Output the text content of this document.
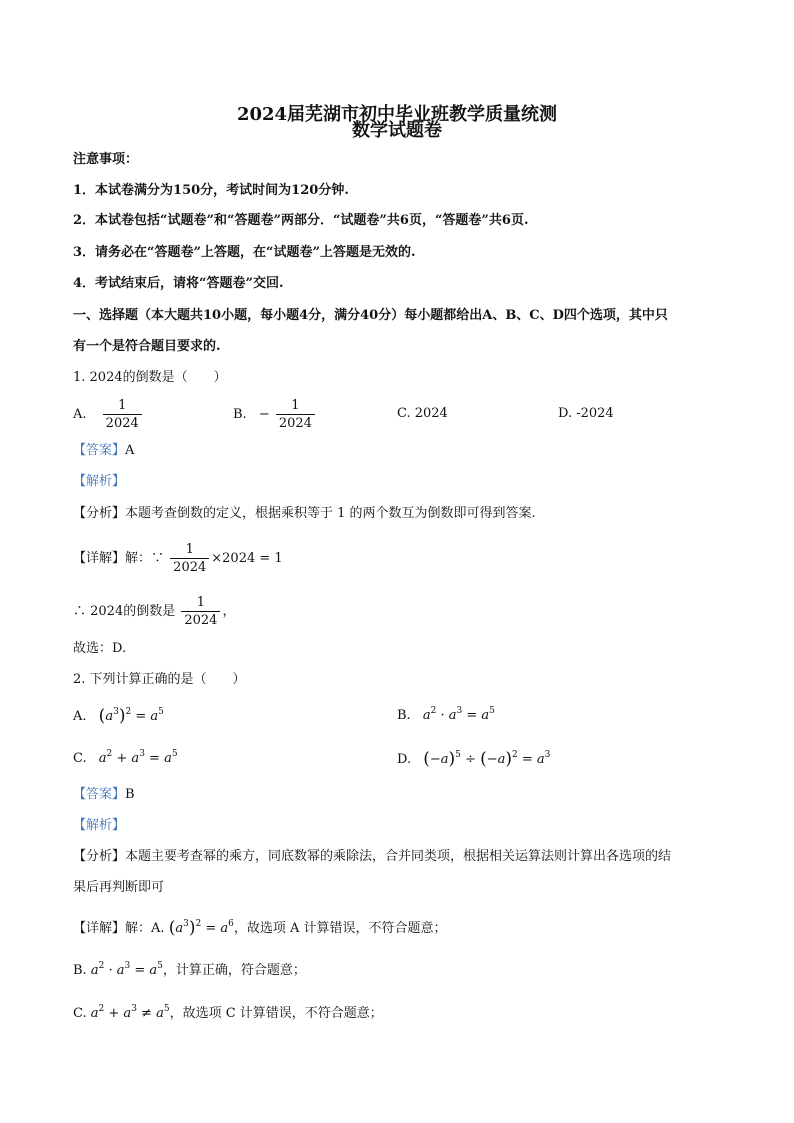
2024届芜湖市初中毕业班教学质量统测
数学试题卷
注意事项：
1．本试卷满分为150分，考试时间为120分钟.
2．本试卷包括“试题卷”和“答题卷”两部分．“试题卷”共6页，“答题卷”共6页.
3．请务必在“答题卷”上答题，在“试题卷”上答题是无效的.
4．考试结束后，请将“答题卷”交回.
一、选择题（本大题共10小题，每小题4分，满分40分）每小题都给出A、B、C、D四个选项，其中只
有一个是符合题目要求的.
1. 2024的倒数是（　　）
A. $\frac{1}{2024}$	B. − $\frac{1}{2024}$	C. 2024	D. -2024
【答案】A
【解析】
【分析】本题考查倒数的定义，根据乘积等于 1 的两个数互为倒数即可得到答案.
【详解】解：∵ $\frac{1}{2024} \times 2024 = 1$
∴ 2024的倒数是 $\frac{1}{2024}$ ，
故选：D.
2. 下列计算正确的是（　　）
A. $(a^3)^2 = a^5$	B. $a^2 \cdot a^3 = a^5$
C. $a^2 + a^3 = a^5$	D. $(-a)^5 \div (-a)^2 = a^3$
【答案】B
【解析】
【分析】本题主要考查幂的乘方，同底数幂的乘除法，合并同类项，根据相关运算法则计算出各选项的结
果后再判断即可
【详解】解：A. $(a^3)^2 = a^6$，故选项 A 计算错误，不符合题意；
B. $a^2 \cdot a^3 = a^5$，计算正确，符合题意；
C. $a^2 + a^3 \ne a^5$，故选项 C 计算错误，不符合题意；
